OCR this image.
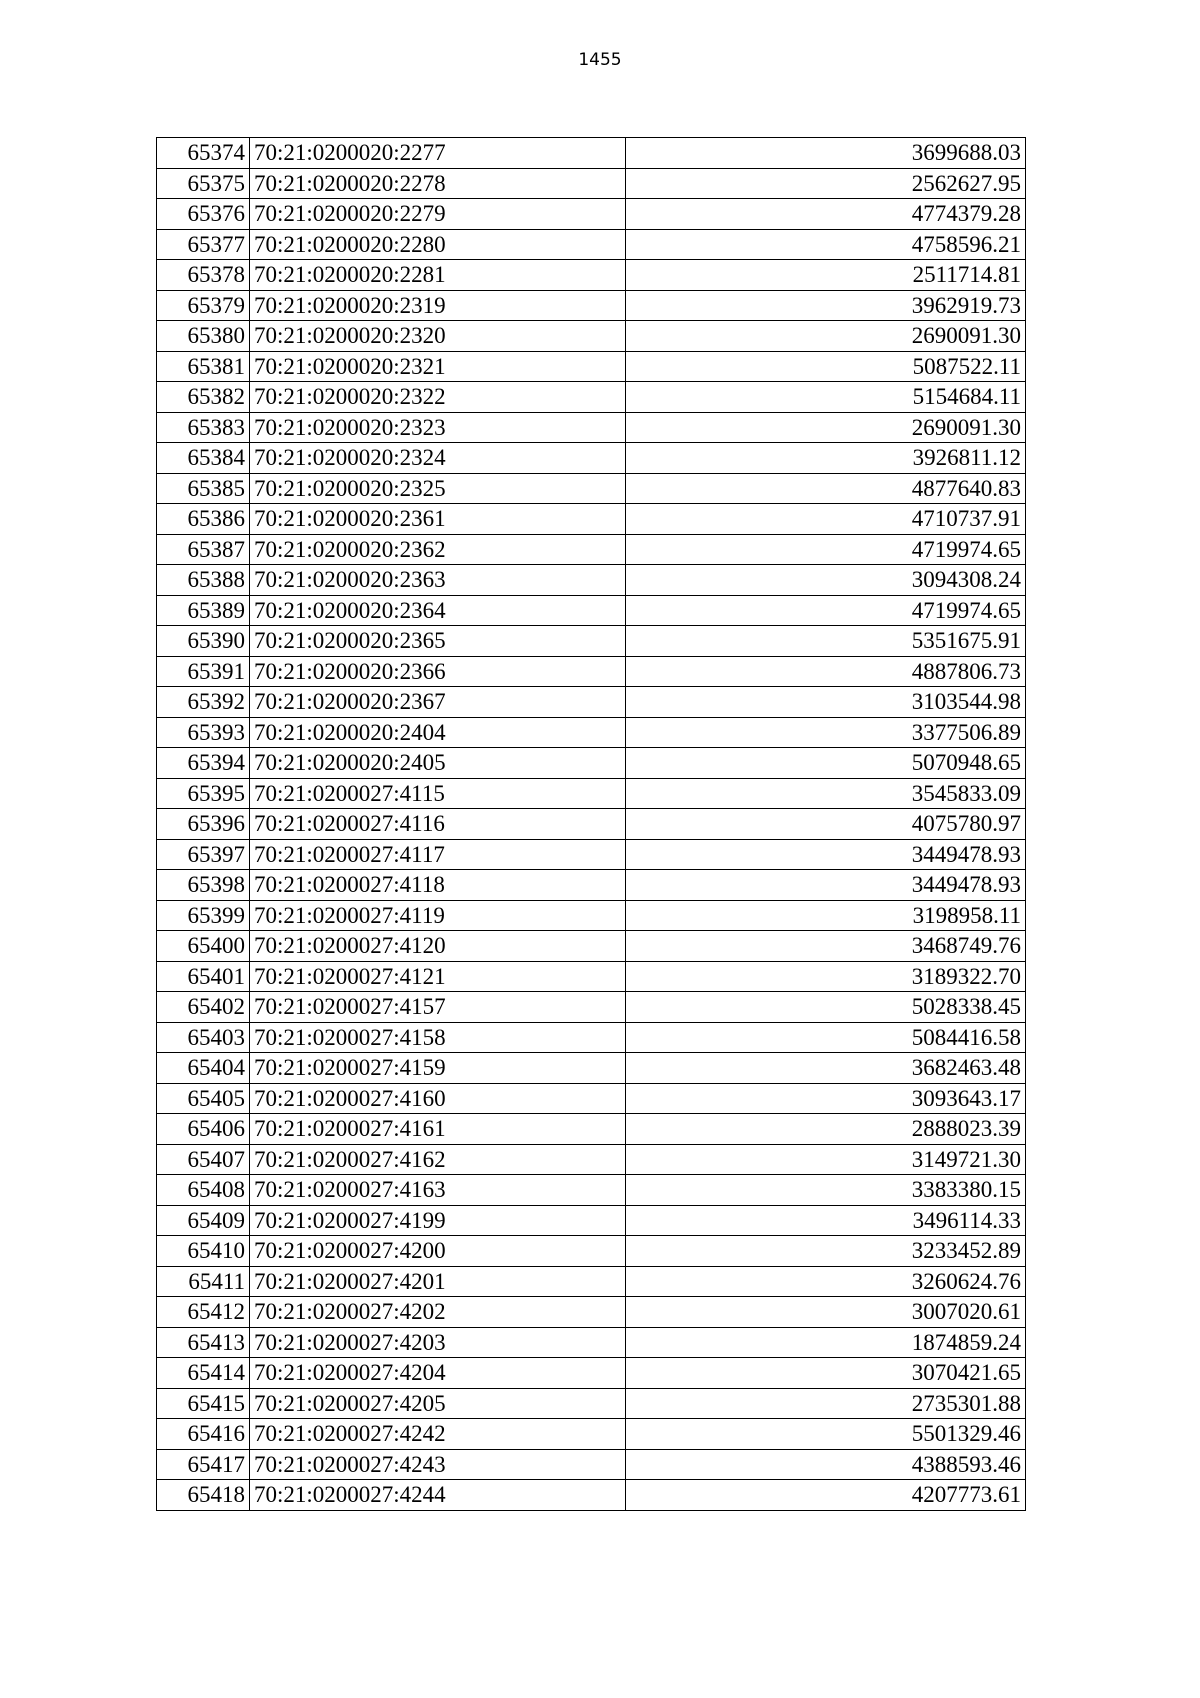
1455
65374	70:21:0200020:2277	3699688.03
65375	70:21:0200020:2278	2562627.95
65376	70:21:0200020:2279	4774379.28
65377	70:21:0200020:2280	4758596.21
65378	70:21:0200020:2281	2511714.81
65379	70:21:0200020:2319	3962919.73
65380	70:21:0200020:2320	2690091.30
65381	70:21:0200020:2321	5087522.11
65382	70:21:0200020:2322	5154684.11
65383	70:21:0200020:2323	2690091.30
65384	70:21:0200020:2324	3926811.12
65385	70:21:0200020:2325	4877640.83
65386	70:21:0200020:2361	4710737.91
65387	70:21:0200020:2362	4719974.65
65388	70:21:0200020:2363	3094308.24
65389	70:21:0200020:2364	4719974.65
65390	70:21:0200020:2365	5351675.91
65391	70:21:0200020:2366	4887806.73
65392	70:21:0200020:2367	3103544.98
65393	70:21:0200020:2404	3377506.89
65394	70:21:0200020:2405	5070948.65
65395	70:21:0200027:4115	3545833.09
65396	70:21:0200027:4116	4075780.97
65397	70:21:0200027:4117	3449478.93
65398	70:21:0200027:4118	3449478.93
65399	70:21:0200027:4119	3198958.11
65400	70:21:0200027:4120	3468749.76
65401	70:21:0200027:4121	3189322.70
65402	70:21:0200027:4157	5028338.45
65403	70:21:0200027:4158	5084416.58
65404	70:21:0200027:4159	3682463.48
65405	70:21:0200027:4160	3093643.17
65406	70:21:0200027:4161	2888023.39
65407	70:21:0200027:4162	3149721.30
65408	70:21:0200027:4163	3383380.15
65409	70:21:0200027:4199	3496114.33
65410	70:21:0200027:4200	3233452.89
65411	70:21:0200027:4201	3260624.76
65412	70:21:0200027:4202	3007020.61
65413	70:21:0200027:4203	1874859.24
65414	70:21:0200027:4204	3070421.65
65415	70:21:0200027:4205	2735301.88
65416	70:21:0200027:4242	5501329.46
65417	70:21:0200027:4243	4388593.46
65418	70:21:0200027:4244	4207773.61
